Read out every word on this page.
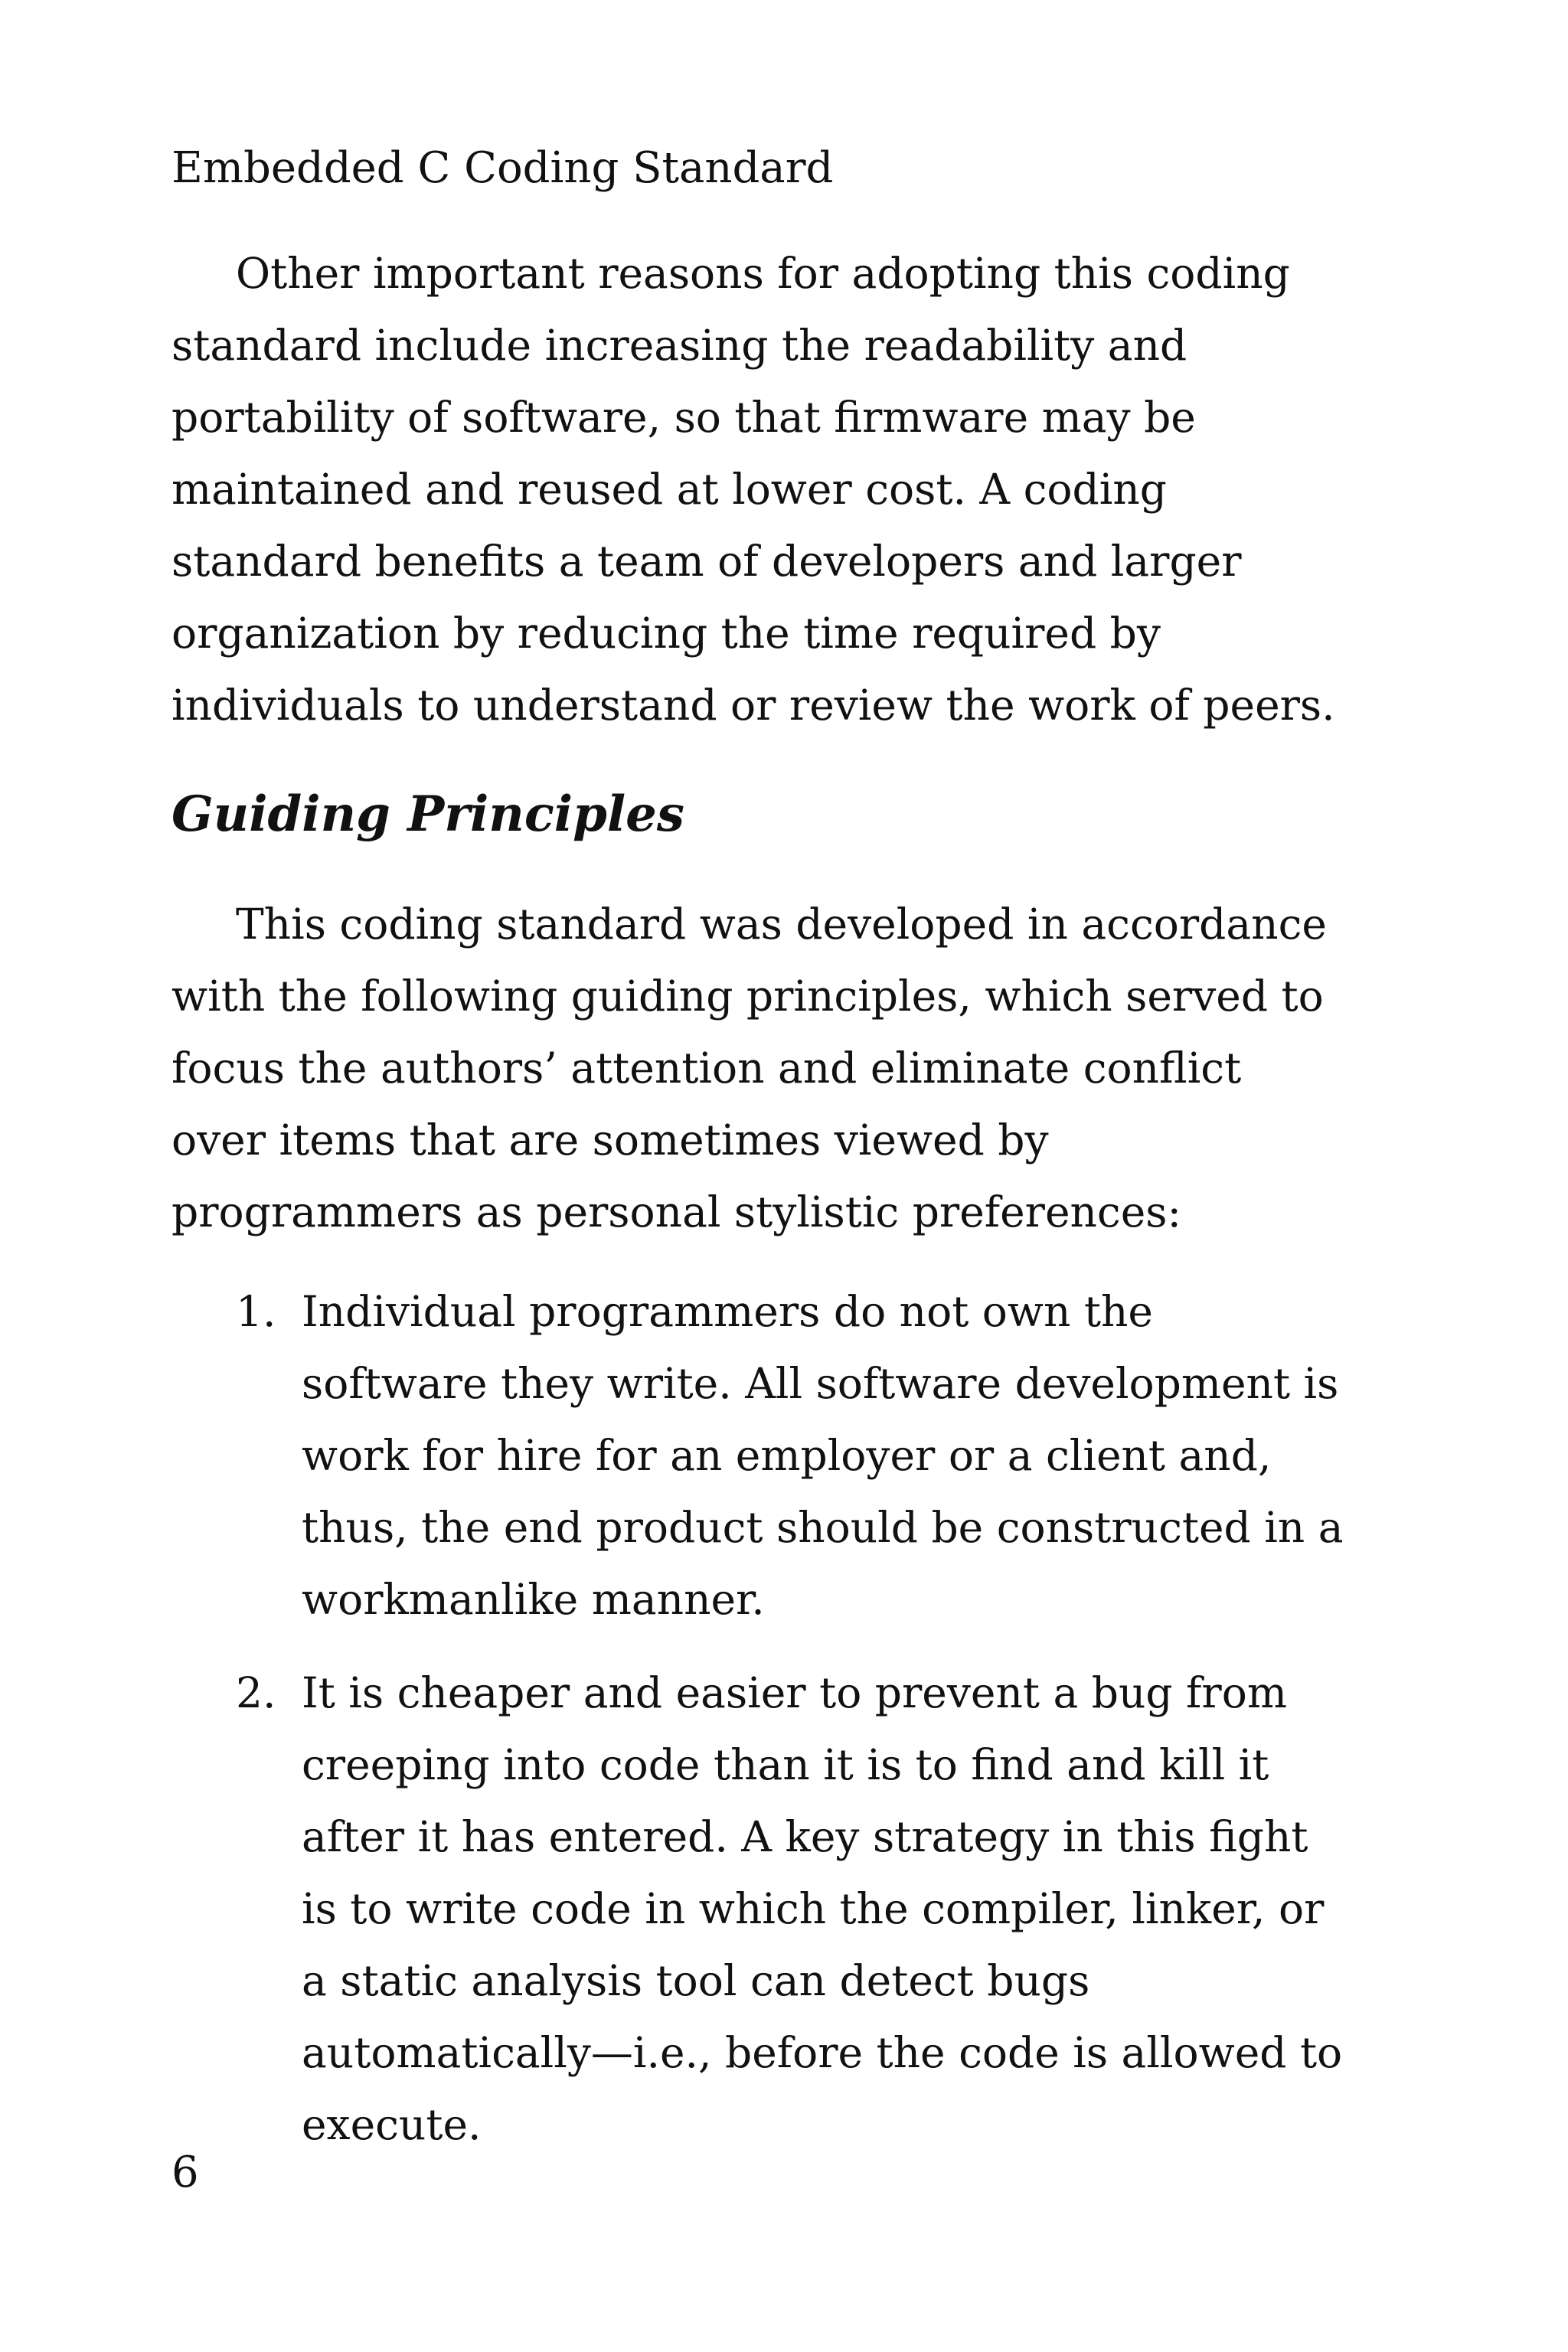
Embedded C Coding Standard

Other important reasons for adopting this coding standard include increasing the readability and portability of software, so that firmware may be maintained and reused at lower cost. A coding standard benefits a team of developers and larger organization by reducing the time required by individuals to understand or review the work of peers.

Guiding Principles

This coding standard was developed in accordance with the following guiding principles, which served to focus the authors’ attention and eliminate conflict over items that are sometimes viewed by programmers as personal stylistic preferences:

1. Individual programmers do not own the software they write. All software development is work for hire for an employer or a client and, thus, the end product should be constructed in a workmanlike manner.
2. It is cheaper and easier to prevent a bug from creeping into code than it is to find and kill it after it has entered. A key strategy in this fight is to write code in which the compiler, linker, or a static analysis tool can detect bugs automatically—i.e., before the code is allowed to execute.

6
